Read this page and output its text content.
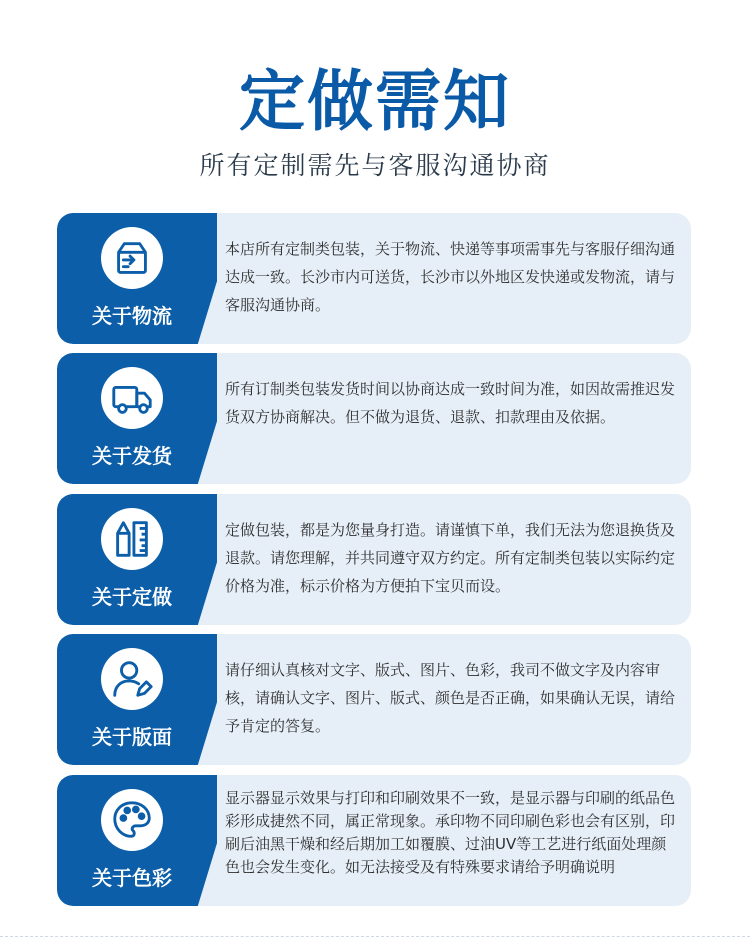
定做需知
所有定制需先与客服沟通协商
关于物流
本店所有定制类包装，关于物流、快递等事项需事先与客服仔细沟通达成一致。长沙市内可送货，长沙市以外地区发快递或发物流，请与客服沟通协商。
关于发货
所有订制类包装发货时间以协商达成一致时间为准，如因故需推迟发货双方协商解决。但不做为退货、退款、扣款理由及依据。
关于定做
定做包装，都是为您量身打造。请谨慎下单，我们无法为您退换货及退款。请您理解，并共同遵守双方约定。所有定制类包装以实际约定价格为准，标示价格为方便拍下宝贝而设。
关于版面
请仔细认真核对文字、版式、图片、色彩，我司不做文字及内容审核，请确认文字、图片、版式、颜色是否正确，如果确认无误，请给予肯定的答复。
关于色彩
显示器显示效果与打印和印刷效果不一致，是显示器与印刷的纸品色彩形成捷然不同，属正常现象。承印物不同印刷色彩也会有区别，印刷后油黑干燥和经后期加工如覆膜、过油UV等工艺进行纸面处理颜色也会发生变化。如无法接受及有特殊要求请给予明确说明
